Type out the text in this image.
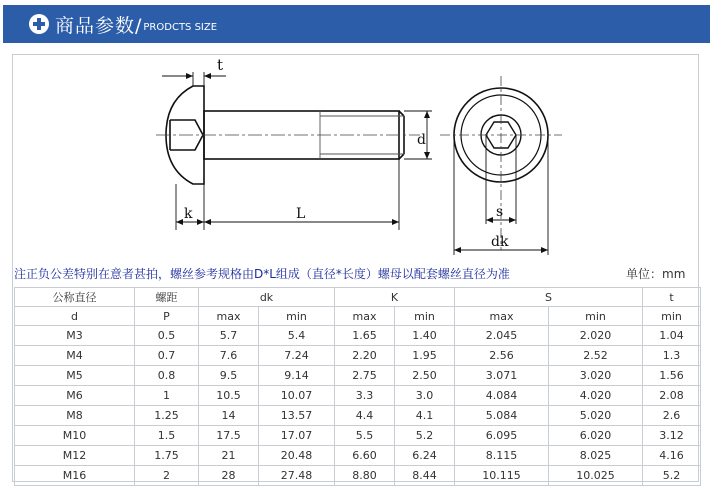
商品参数/ PRODCTS SIZE
t
k	L
d
s
dk
注正负公差特别在意者甚拍，螺丝参考规格由D*L组成（直径*长度）螺母以配套螺丝直径为准	单位：mm
公称直径	螺距	dk		K		S		t
d	P	max	min	max	min	max	min	min
M3	0.5	5.7	5.4	1.65	1.40	2.045	2.020	1.04
M4	0.7	7.6	7.24	2.20	1.95	2.56	2.52	1.3
M5	0.8	9.5	9.14	2.75	2.50	3.071	3.020	1.56
M6	1	10.5	10.07	3.3	3.0	4.084	4.020	2.08
M8	1.25	14	13.57	4.4	4.1	5.084	5.020	2.6
M10	1.5	17.5	17.07	5.5	5.2	6.095	6.020	3.12
M12	1.75	21	20.48	6.60	6.24	8.115	8.025	4.16
M16	2	28	27.48	8.80	8.44	10.115	10.025	5.2
